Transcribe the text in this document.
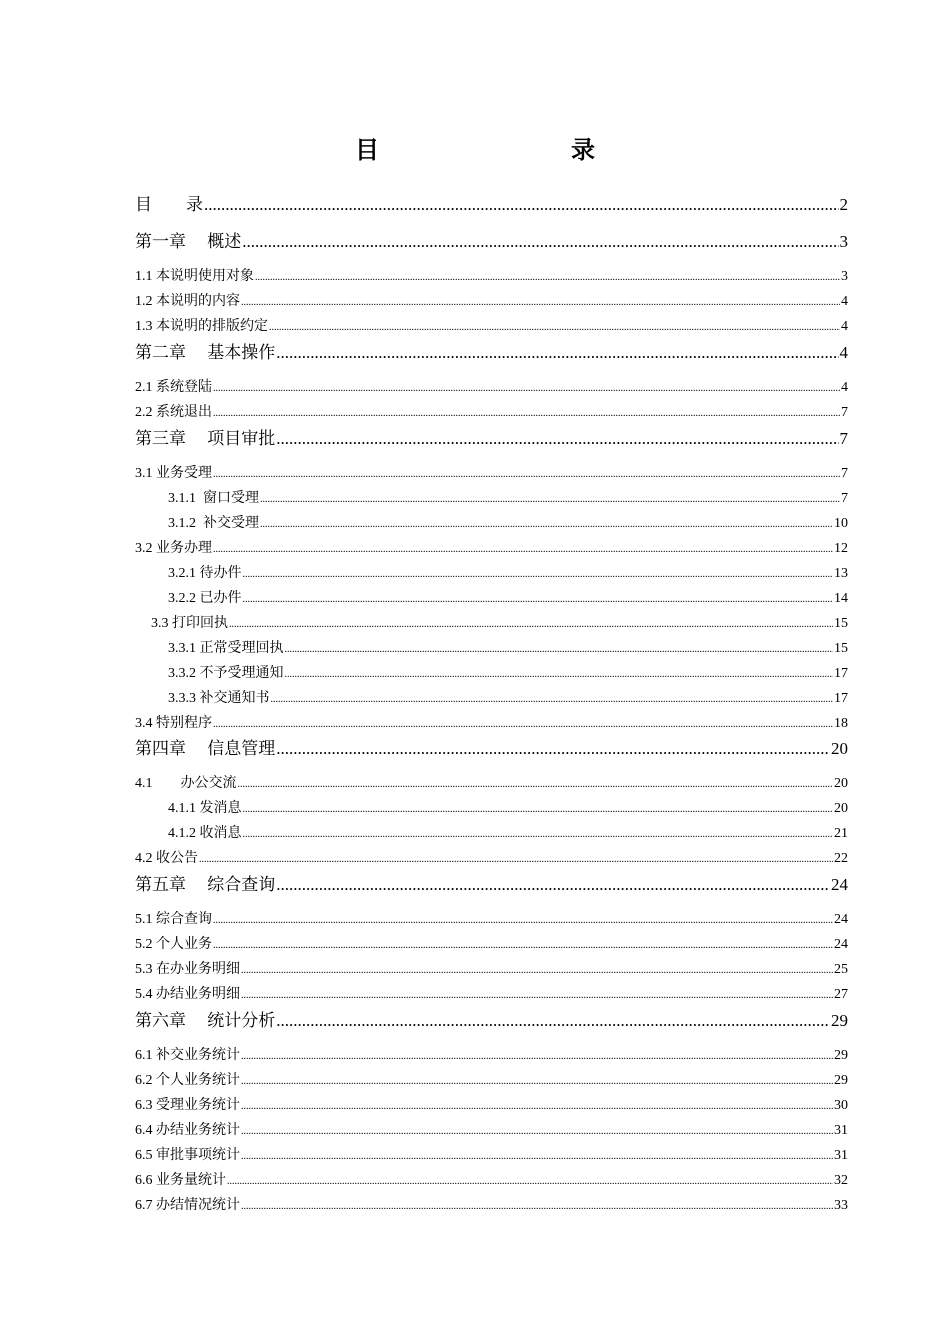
目　　录
目　　录 .....	2
第一章　 概述 .....	3
1.1 本说明使用对象 .....	3
1.2 本说明的内容 .....	4
1.3 本说明的排版约定 .....	4
第二章　 基本操作 .....	4
2.1 系统登陆 .....	4
2.2 系统退出 .....	7
第三章　 项目审批 .....	7
3.1 业务受理 .....	7
3.1.1  窗口受理 .....	7
3.1.2  补交受理 .....	10
3.2 业务办理 .....	12
3.2.1 待办件 .....	13
3.2.2 已办件 .....	14
3.3 打印回执 .....	15
3.3.1 正常受理回执 .....	15
3.3.2 不予受理通知 .....	17
3.3.3 补交通知书 .....	17
3.4 特别程序 .....	18
第四章　 信息管理 .....	20
4.1　　办公交流 .....	20
4.1.1 发消息 .....	20
4.1.2 收消息 .....	21
4.2 收公告 .....	22
第五章　 综合查询 .....	24
5.1 综合查询 .....	24
5.2 个人业务 .....	24
5.3 在办业务明细 .....	25
5.4 办结业务明细 .....	27
第六章　 统计分析 .....	29
6.1 补交业务统计 .....	29
6.2 个人业务统计 .....	29
6.3 受理业务统计 .....	30
6.4 办结业务统计 .....	31
6.5 审批事项统计 .....	31
6.6 业务量统计 .....	32
6.7 办结情况统计 .....	33
